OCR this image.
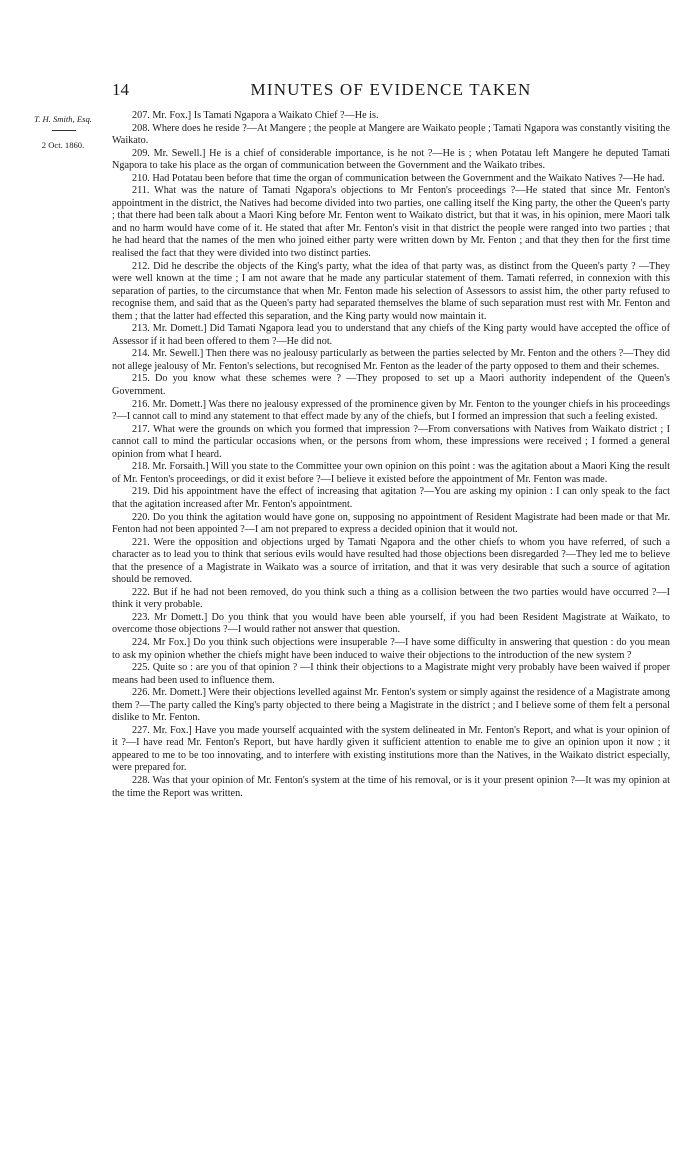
14	MINUTES OF EVIDENCE TAKEN
T. H. Smith, Esq.
2 Oct. 1860.

207. Mr. Fox.] Is Tamati Ngapora a Waikato Chief ?—He is.

208. Where does he reside ?—At Mangere ; the people at Mangere are Waikato people ; Tamati Ngapora was constantly visiting the Waikato.

209. Mr. Sewell.] He is a chief of considerable importance, is he not ?—He is ; when Potatau left Mangere he deputed Tamati Ngapora to take his place as the organ of communication between the Government and the Waikato tribes.

210. Had Potatau been before that time the organ of communication between the Government and the Waikato Natives ?—He had.

211. What was the nature of Tamati Ngapora's objections to Mr Fenton's proceedings ?—He stated that since Mr. Fenton's appointment in the district, the Natives had become divided into two parties, one calling itself the King party, the other the Queen's party ; that there had been talk about a Maori King before Mr. Fenton went to Waikato district, but that it was, in his opinion, mere Maori talk and no harm would have come of it. He stated that after Mr. Fenton's visit in that district the people were ranged into two parties ; that he had heard that the names of the men who joined either party were written down by Mr. Fenton ; and that they then for the first time realised the fact that they were divided into two distinct parties.

212. Did he describe the objects of the King's party, what the idea of that party was, as distinct from the Queen's party ? —They were well known at the time ; I am not aware that he made any particular statement of them. Tamati referred, in connexion with this separation of parties, to the circumstance that when Mr. Fenton made his selection of Assessors to assist him, the other party refused to recognise them, and said that as the Queen's party had separated themselves the blame of such separation must rest with Mr. Fenton and them ; that the latter had effected this separation, and the King party would now maintain it.

213. Mr. Domett.] Did Tamati Ngapora lead you to understand that any chiefs of the King party would have accepted the office of Assessor if it had been offered to them ?—He did not.

214. Mr. Sewell.] Then there was no jealousy particularly as between the parties selected by Mr. Fenton and the others ?—They did not allege jealousy of Mr. Fenton's selections, but recognised Mr. Fenton as the leader of the party opposed to them and their schemes.

215. Do you know what these schemes were ? —They proposed to set up a Maori authority independent of the Queen's Government.

216. Mr. Domett.] Was there no jealousy expressed of the prominence given by Mr. Fenton to the younger chiefs in his proceedings ?—I cannot call to mind any statement to that effect made by any of the chiefs, but I formed an impression that such a feeling existed.

217. What were the grounds on which you formed that impression ?—From conversations with Natives from Waikato district ; I cannot call to mind the particular occasions when, or the persons from whom, these impressions were received ; I formed a general opinion from what I heard.

218. Mr. Forsaith.] Will you state to the Committee your own opinion on this point : was the agitation about a Maori King the result of Mr. Fenton's proceedings, or did it exist before ?—I believe it existed before the appointment of Mr. Fenton was made.

219. Did his appointment have the effect of increasing that agitation ?—You are asking my opinion : I can only speak to the fact that the agitation increased after Mr. Fenton's appointment.

220. Do you think the agitation would have gone on, supposing no appointment of Resident Magistrate had been made or that Mr. Fenton had not been appointed ?—I am not prepared to express a decided opinion that it would not.

221. Were the opposition and objections urged by Tamati Ngapora and the other chiefs to whom you have referred, of such a character as to lead you to think that serious evils would have resulted had those objections been disregarded ?—They led me to believe that the presence of a Magistrate in Waikato was a source of irritation, and that it was very desirable that such a source of agitation should be removed.

222. But if he had not been removed, do you think such a thing as a collision between the two parties would have occurred ?—I think it very probable.

223. Mr Domett.] Do you think that you would have been able yourself, if you had been Resident Magistrate at Waikato, to overcome those objections ?—I would rather not answer that question.

224. Mr Fox.] Do you think such objections were insuperable ?—I have some difficulty in answering that question : do you mean to ask my opinion whether the chiefs might have been induced to waive their objections to the introduction of the new system ?

225. Quite so : are you of that opinion ? —I think their objections to a Magistrate might very probably have been waived if proper means had been used to influence them.

226. Mr. Domett.] Were their objections levelled against Mr. Fenton's system or simply against the residence of a Magistrate among them ?—The party called the King's party objected to there being a Magistrate in the district ; and I believe some of them felt a personal dislike to Mr. Fenton.

227. Mr. Fox.] Have you made yourself acquainted with the system delineated in Mr. Fenton's Report, and what is your opinion of it ?—I have read Mr. Fenton's Report, but have hardly given it sufficient attention to enable me to give an opinion upon it now ; it appeared to me to be too innovating, and to interfere with existing institutions more than the Natives, in the Waikato district especially, were prepared for.

228. Was that your opinion of Mr. Fenton's system at the time of his removal, or is it your present opinion ?—It was my opinion at the time the Report was written.
